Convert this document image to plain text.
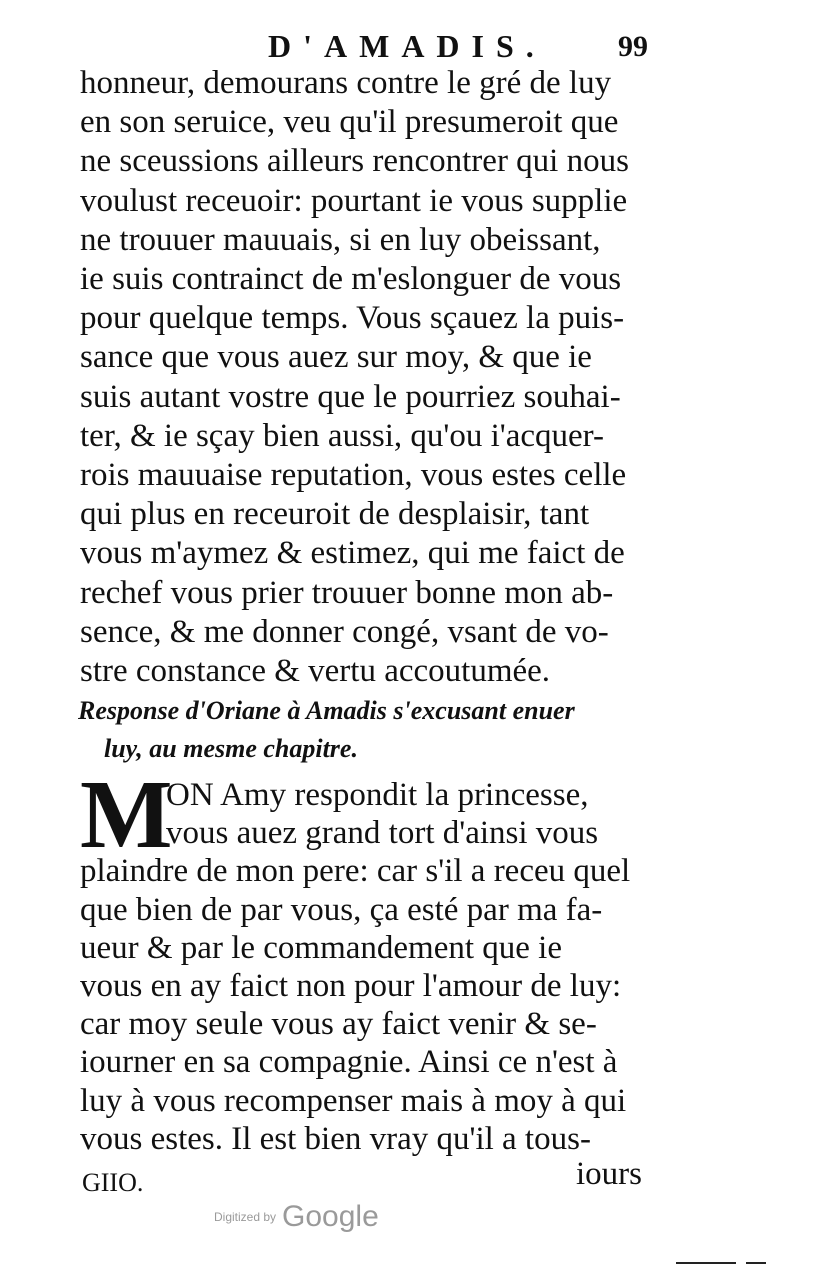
D'AMADIS. 99
honneur, demourans contre le gré de luy
en son seruice, veu qu'il presumeroit que
ne sceussions ailleurs rencontrer qui nous
voulust receuoir: pourtant ie vous supplie
ne trouuer mauuais, si en luy obeissant,
ie suis contrainct de m'eslonguer de vous
pour quelque temps. Vous sçauez la puis-
sance que vous auez sur moy, & que ie
suis autant vostre que le pourriez souhai-
ter, & ie sçay bien aussi, qu'ou i'acquer-
rois mauuaise reputation, vous estes celle
qui plus en receuroit de desplaisir, tant
vous m'aymez & estimez, qui me faict de
rechef vous prier trouuer bonne mon ab-
sence, & me donner congé, vsant de vo-
stre constance & vertu accoutumée.
Response d'Oriane à Amadis s'excusant enuer
luy, au mesme chapitre.
M
ON Amy respondit la princesse,
vous auez grand tort d'ainsi vous
plaindre de mon pere: car s'il a receu quel
que bien de par vous, ça esté par ma fa-
ueur & par le commandement que ie
vous en ay faict non pour l'amour de luy:
car moy seule vous ay faict venir & se-
iourner en sa compagnie. Ainsi ce n'est à
luy à vous recompenser mais à moy à qui
vous estes. Il est bien vray qu'il a tous-
GIIO.	iours
Digitized by Google
